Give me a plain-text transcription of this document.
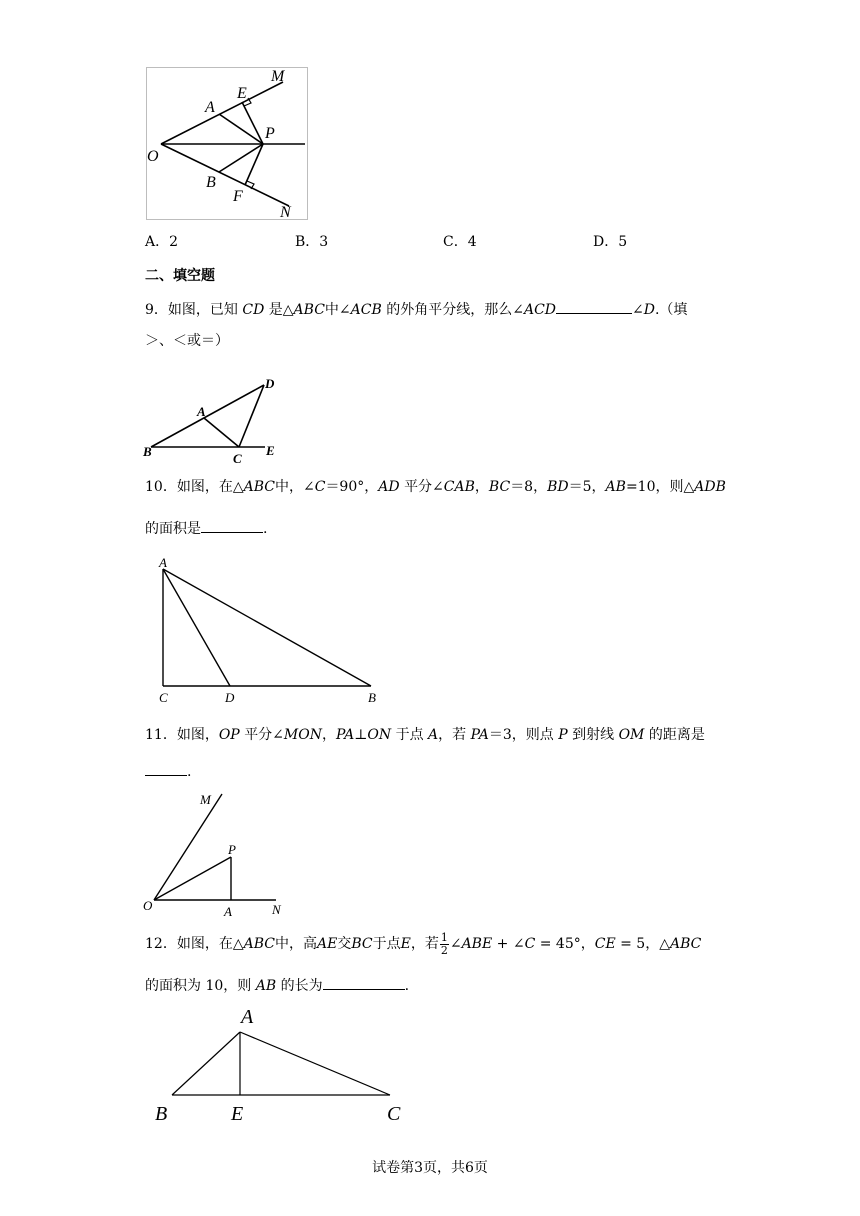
M
E
A
P
O
B
F
N
A．2	B．3	C．4	D．5
二、填空题
9．如图，已知 CD 是△ABC中∠ACB 的外角平分线，那么∠ACD	∠D.（填
＞、＜或＝）
A
B	C
D
E
10．如图，在△ABC中，∠C＝90°，AD 平分∠CAB，BC＝8，BD＝5，AB=10，则△ADB
的面积是	.
A
C	D	B
11．如图，OP 平分∠MON，PA⊥ON 于点 A，若 PA＝3，则点 P 到射线 OM 的距离是
.
M
P
O	A	N
12．如图，在△ABC中，高AE交BC于点E，若 $\frac{1}{2}$ ∠ABE + ∠C = 45°，CE = 5，△ABC
的面积为 10，则 AB 的长为	.
A
B	E	C
试卷第3页，共6页
